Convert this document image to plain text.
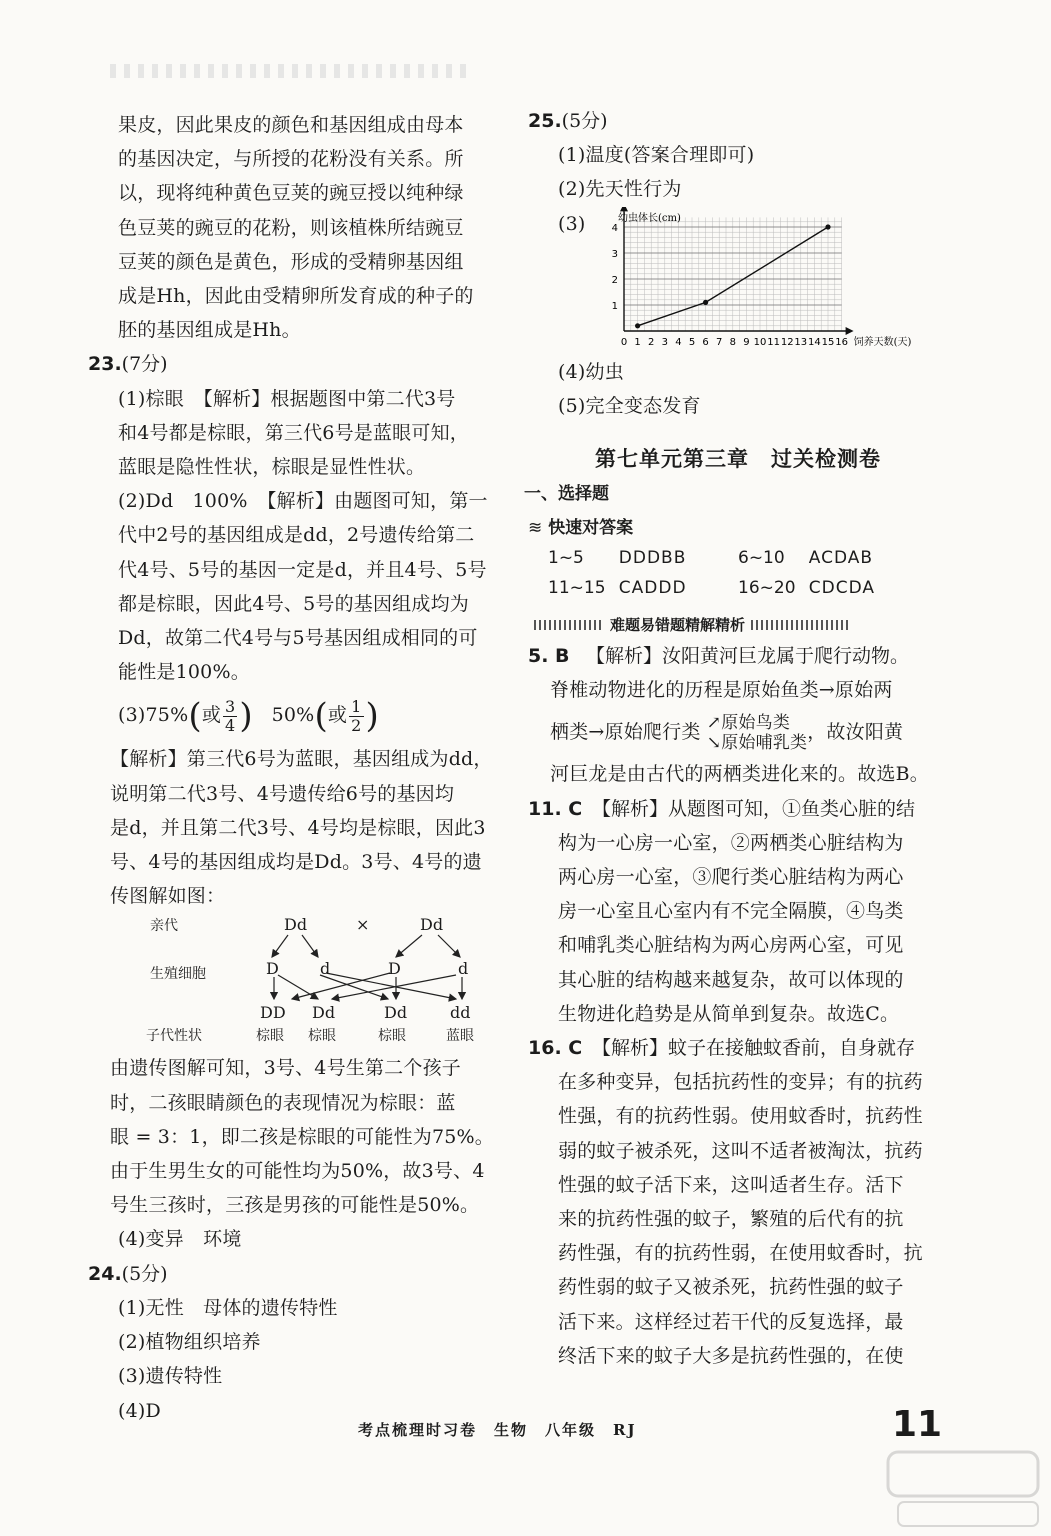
果皮，因此果皮的颜色和基因组成由母本
的基因决定，与所授的花粉没有关系。所
以，现将纯种黄色豆荚的豌豆授以纯种绿
色豆荚的豌豆的花粉，则该植株所结豌豆
豆荚的颜色是黄色，形成的受精卵基因组
成是Hh，因此由受精卵所发育成的种子的
胚的基因组成是Hh。
23.(7分)
(1)棕眼　【解析】根据题图中第二代3号
和4号都是棕眼，第三代6号是蓝眼可知，
蓝眼是隐性性状，棕眼是显性性状。
(2)Dd　100%　【解析】由题图可知，第一
代中2号的基因组成是dd，2号遗传给第二
代4号、5号的基因一定是d，并且4号、5号
都是棕眼，因此4号、5号的基因组成均为
Dd，故第二代4号与5号基因组成相同的可
能性是100%。
(3)75%(或 $\frac{3}{4}$ ) 50%(或 $\frac{1}{2}$ )
【解析】第三代6号为蓝眼，基因组成为dd，
说明第二代3号、4号遗传给6号的基因均
是d，并且第二代3号、4号均是棕眼，因此3
号、4号的基因组成均是Dd。3号、4号的遗
传图解如图：
亲代
生殖细胞
子代性状
Dd	×	Dd
D	d	D	d
DD Dd	Dd	dd
棕眼 棕眼	棕眼	蓝眼
由遗传图解可知，3号、4号生第二个孩子
时，二孩眼睛颜色的表现情况为棕眼：蓝
眼 = 3：1，即二孩是棕眼的可能性为75%。
由于生男生女的可能性均为50%，故3号、4
号生三孩时，三孩是男孩的可能性是50%。
(4)变异　环境
24.(5分)
(1)无性　母体的遗传特性
(2)植物组织培养
(3)遗传特性
(4)D
25.(5分)
(1)温度(答案合理即可)
(2)先天性行为
(3)
0 1 2 3 4 5 6 7 8 9 10 11 12 13 14 15 16
1
2
3
4
幼虫体长(cm)
饲养天数(天)
(4)幼虫
(5)完全变态发育
第七单元第三章　过关检测卷
一、选择题
≋ 快速对答案
1~5	DDDBB	6~10	ACDAB
11~15 CADDD	16~20 CDCDA
难题易错题精解精析
5. B 【解析】汝阳黄河巨龙属于爬行动物。
脊椎动物进化的历程是原始鱼类→原始两
栖类→原始爬行类 ↗原始鸟类
↘原始哺乳类 ，故汝阳黄
河巨龙是由古代的两栖类进化来的。故选B。
11. C 【解析】从题图可知，①鱼类心脏的结
构为一心房一心室，②两栖类心脏结构为
两心房一心室，③爬行类心脏结构为两心
房一心室且心室内有不完全隔膜，④鸟类
和哺乳类心脏结构为两心房两心室，可见
其心脏的结构越来越复杂，故可以体现的
生物进化趋势是从简单到复杂。故选C。
16. C 【解析】蚊子在接触蚊香前，自身就存
在多种变异，包括抗药性的变异；有的抗药
性强，有的抗药性弱。使用蚊香时，抗药性
弱的蚊子被杀死，这叫不适者被淘汰，抗药
性强的蚊子活下来，这叫适者生存。活下
来的抗药性强的蚊子，繁殖的后代有的抗
药性强，有的抗药性弱，在使用蚊香时，抗
药性弱的蚊子又被杀死，抗药性强的蚊子
活下来。这样经过若干代的反复选择，最
终活下来的蚊子大多是抗药性强的，在使
考点梳理时习卷　生物　八年级　RJ	11
